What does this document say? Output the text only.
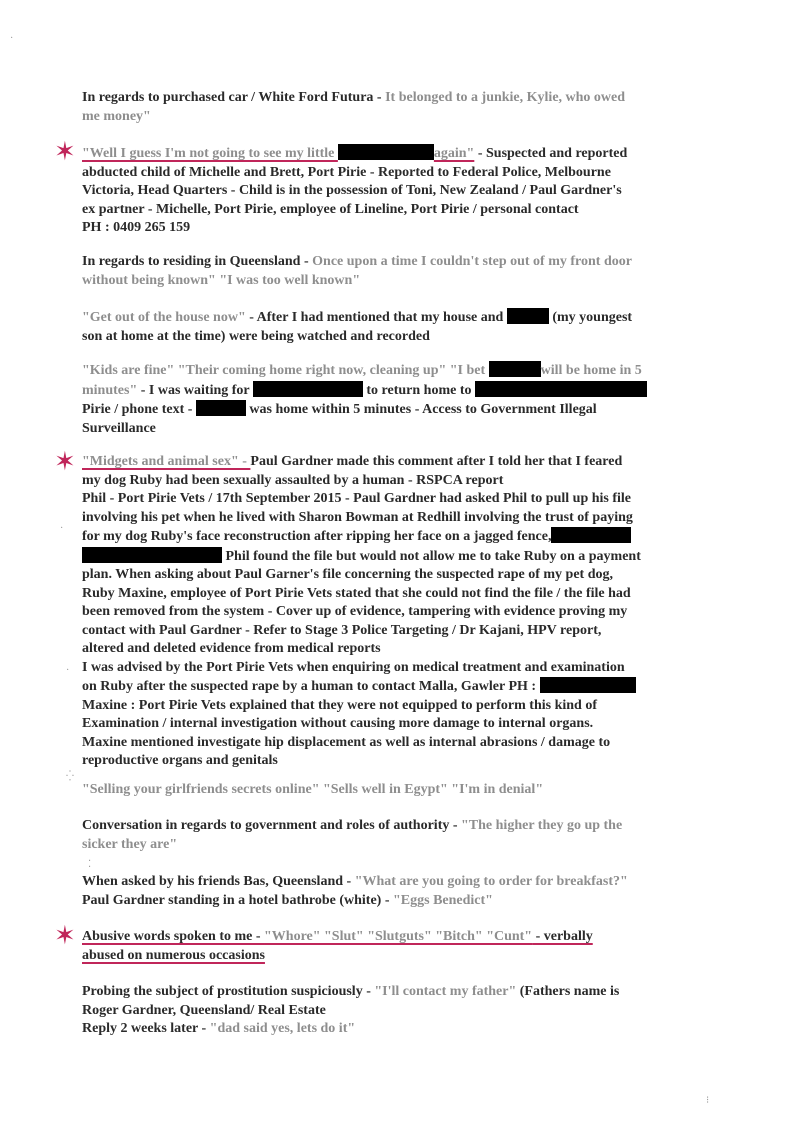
✶
✶
✶
·
·
·
⁛
⁚
⁝
In regards to purchased car / White Ford Futura - It belonged to a junkie, Kylie, who owed
me money"
"Well I guess I'm not going to see my little	again" - Suspected and reported
abducted child of Michelle and Brett, Port Pirie - Reported to Federal Police, Melbourne
Victoria, Head Quarters - Child is in the possession of Toni, New Zealand / Paul Gardner's
ex partner - Michelle, Port Pirie, employee of Lineline, Port Pirie / personal contact
PH : 0409 265 159
In regards to residing in Queensland - Once upon a time I couldn't step out of my front door
without being known" "I was too well known"
"Get out of the house now" - After I had mentioned that my house and	(my youngest
son at home at the time) were being watched and recorded
"Kids are fine" "Their coming home right now, cleaning up" "I bet	will be home in 5
minutes" - I was waiting for	to return home to
Pirie / phone text -	was home within 5 minutes - Access to Government Illegal
Surveillance
"Midgets and animal sex" - Paul Gardner made this comment after I told her that I feared
my dog Ruby had been sexually assaulted by a human - RSPCA report
Phil - Port Pirie Vets / 17th September 2015 - Paul Gardner had asked Phil to pull up his file
involving his pet when he lived with Sharon Bowman at Redhill involving the trust of paying
for my dog Ruby's face reconstruction after ripping her face on a jagged fence,
Phil found the file but would not allow me to take Ruby on a payment
plan. When asking about Paul Garner's file concerning the suspected rape of my pet dog,
Ruby Maxine, employee of Port Pirie Vets stated that she could not find the file / the file had
been removed from the system - Cover up of evidence, tampering with evidence proving my
contact with Paul Gardner - Refer to Stage 3 Police Targeting / Dr Kajani, HPV report,
altered and deleted evidence from medical reports
I was advised by the Port Pirie Vets when enquiring on medical treatment and examination
on Ruby after the suspected rape by a human to contact Malla, Gawler PH :
Maxine : Port Pirie Vets explained that they were not equipped to perform this kind of
Examination / internal investigation without causing more damage to internal organs.
Maxine mentioned investigate hip displacement as well as internal abrasions / damage to
reproductive organs and genitals
"Selling your girlfriends secrets online" "Sells well in Egypt" "I'm in denial"
Conversation in regards to government and roles of authority - "The higher they go up the
sicker they are"
When asked by his friends Bas, Queensland - "What are you going to order for breakfast?"
Paul Gardner standing in a hotel bathrobe (white) - "Eggs Benedict"
Abusive words spoken to me - "Whore" "Slut" "Slutguts" "Bitch" "Cunt" - verbally
abused on numerous occasions
Probing the subject of prostitution suspiciously - "I'll contact my father" (Fathers name is
Roger Gardner, Queensland/ Real Estate
Reply 2 weeks later - "dad said yes, lets do it"
